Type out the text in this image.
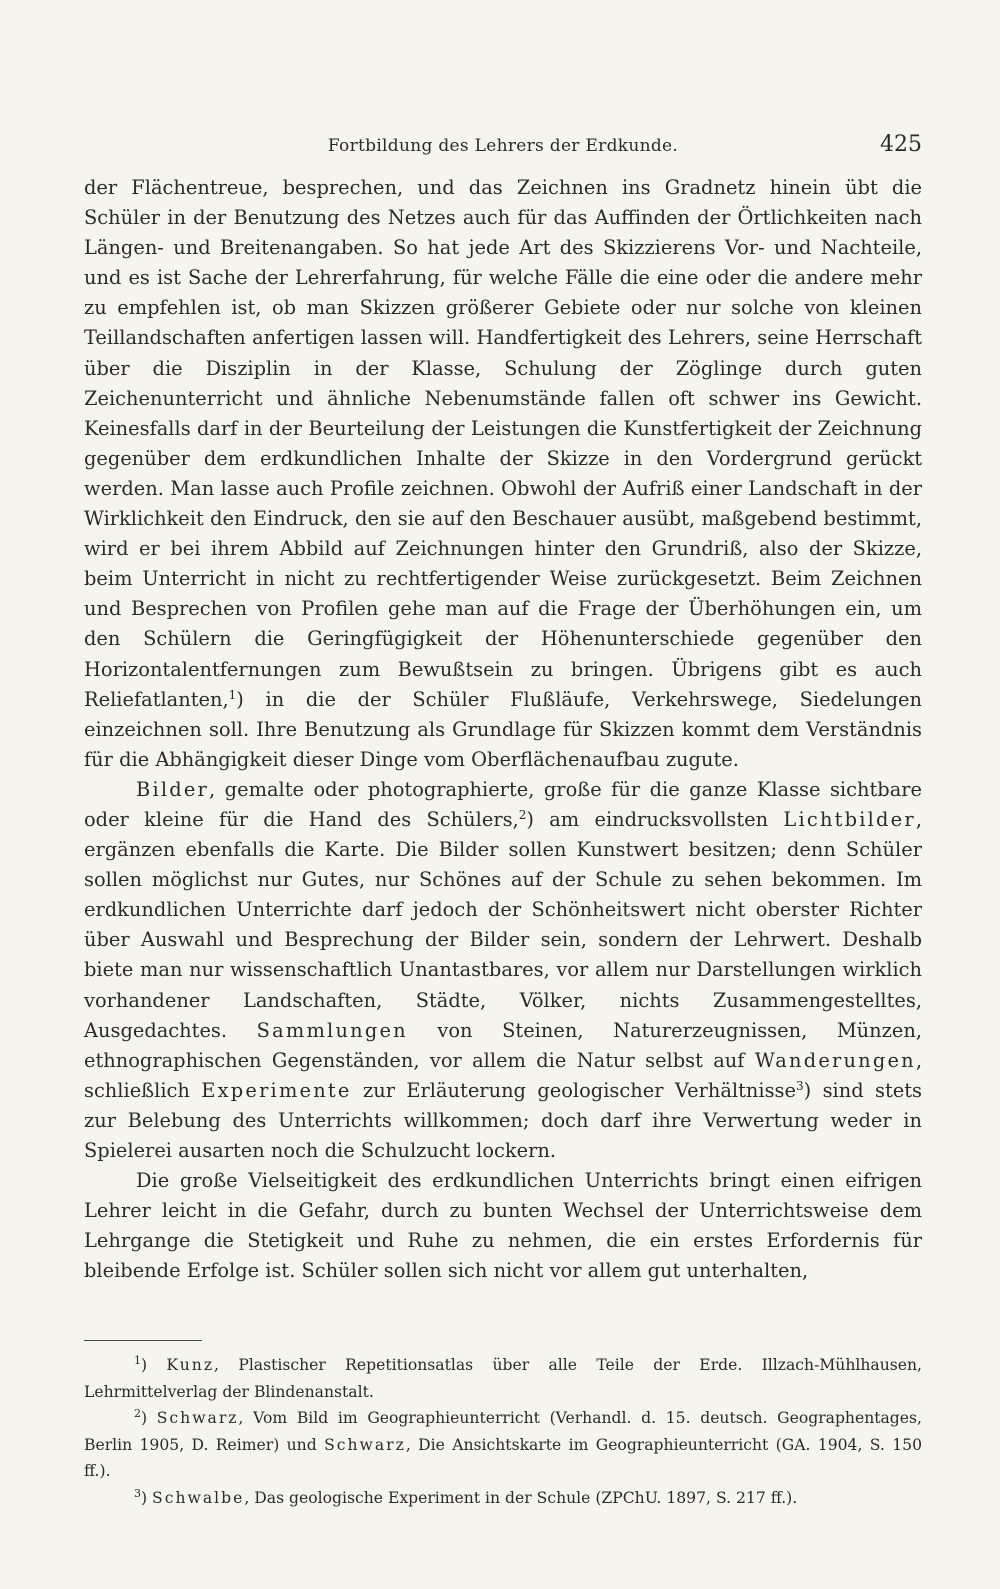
Fortbildung des Lehrers der Erdkunde.	425

der Flächentreue, besprechen, und das Zeichnen ins Gradnetz hinein übt die Schüler in der Benutzung des Netzes auch für das Auffinden der Örtlichkeiten nach Längen- und Breitenangaben. So hat jede Art des Skizzierens Vor- und Nachteile, und es ist Sache der Lehrerfahrung, für welche Fälle die eine oder die andere mehr zu empfehlen ist, ob man Skizzen größerer Gebiete oder nur solche von kleinen Teillandschaften anfertigen lassen will. Handfertigkeit des Lehrers, seine Herrschaft über die Disziplin in der Klasse, Schulung der Zöglinge durch guten Zeichenunterricht und ähnliche Nebenumstände fallen oft schwer ins Gewicht. Keinesfalls darf in der Beurteilung der Leistungen die Kunstfertigkeit der Zeichnung gegenüber dem erdkundlichen Inhalte der Skizze in den Vordergrund gerückt werden. Man lasse auch Profile zeichnen. Obwohl der Aufriß einer Landschaft in der Wirklichkeit den Eindruck, den sie auf den Beschauer ausübt, maßgebend bestimmt, wird er bei ihrem Abbild auf Zeichnungen hinter den Grundriß, also der Skizze, beim Unterricht in nicht zu rechtfertigender Weise zurückgesetzt. Beim Zeichnen und Besprechen von Profilen gehe man auf die Frage der Überhöhungen ein, um den Schülern die Geringfügigkeit der Höhenunterschiede gegenüber den Horizontalentfernungen zum Bewußtsein zu bringen. Übrigens gibt es auch Reliefatlanten,$^1$) in die der Schüler Flußläufe, Verkehrswege, Siedelungen einzeichnen soll. Ihre Benutzung als Grundlage für Skizzen kommt dem Verständnis für die Abhängigkeit dieser Dinge vom Oberflächenaufbau zugute.

Bilder, gemalte oder photographierte, große für die ganze Klasse sichtbare oder kleine für die Hand des Schülers,$^2$) am eindrucksvollsten Lichtbilder, ergänzen ebenfalls die Karte. Die Bilder sollen Kunstwert besitzen; denn Schüler sollen möglichst nur Gutes, nur Schönes auf der Schule zu sehen bekommen. Im erdkundlichen Unterrichte darf jedoch der Schönheitswert nicht oberster Richter über Auswahl und Besprechung der Bilder sein, sondern der Lehrwert. Deshalb biete man nur wissenschaftlich Unantastbares, vor allem nur Darstellungen wirklich vorhandener Landschaften, Städte, Völker, nichts Zusammengestelltes, Ausgedachtes. Sammlungen von Steinen, Naturerzeugnissen, Münzen, ethnographischen Gegenständen, vor allem die Natur selbst auf Wanderungen, schließlich Experimente zur Erläuterung geologischer Verhältnisse$^3$) sind stets zur Belebung des Unterrichts willkommen; doch darf ihre Verwertung weder in Spielerei ausarten noch die Schulzucht lockern.

Die große Vielseitigkeit des erdkundlichen Unterrichts bringt einen eifrigen Lehrer leicht in die Gefahr, durch zu bunten Wechsel der Unterrichtsweise dem Lehrgange die Stetigkeit und Ruhe zu nehmen, die ein erstes Erfordernis für bleibende Erfolge ist. Schüler sollen sich nicht vor allem gut unterhalten,

$^1$) Kunz, Plastischer Repetitionsatlas über alle Teile der Erde. Illzach-Mühlhausen, Lehrmittelverlag der Blindenanstalt.

$^2$) Schwarz, Vom Bild im Geographieunterricht (Verhandl. d. 15. deutsch. Geographentages, Berlin 1905, D. Reimer) und Schwarz, Die Ansichtskarte im Geographieunterricht (GA. 1904, S. 150 ff.).

$^3$) Schwalbe, Das geologische Experiment in der Schule (ZPChU. 1897, S. 217 ff.).
